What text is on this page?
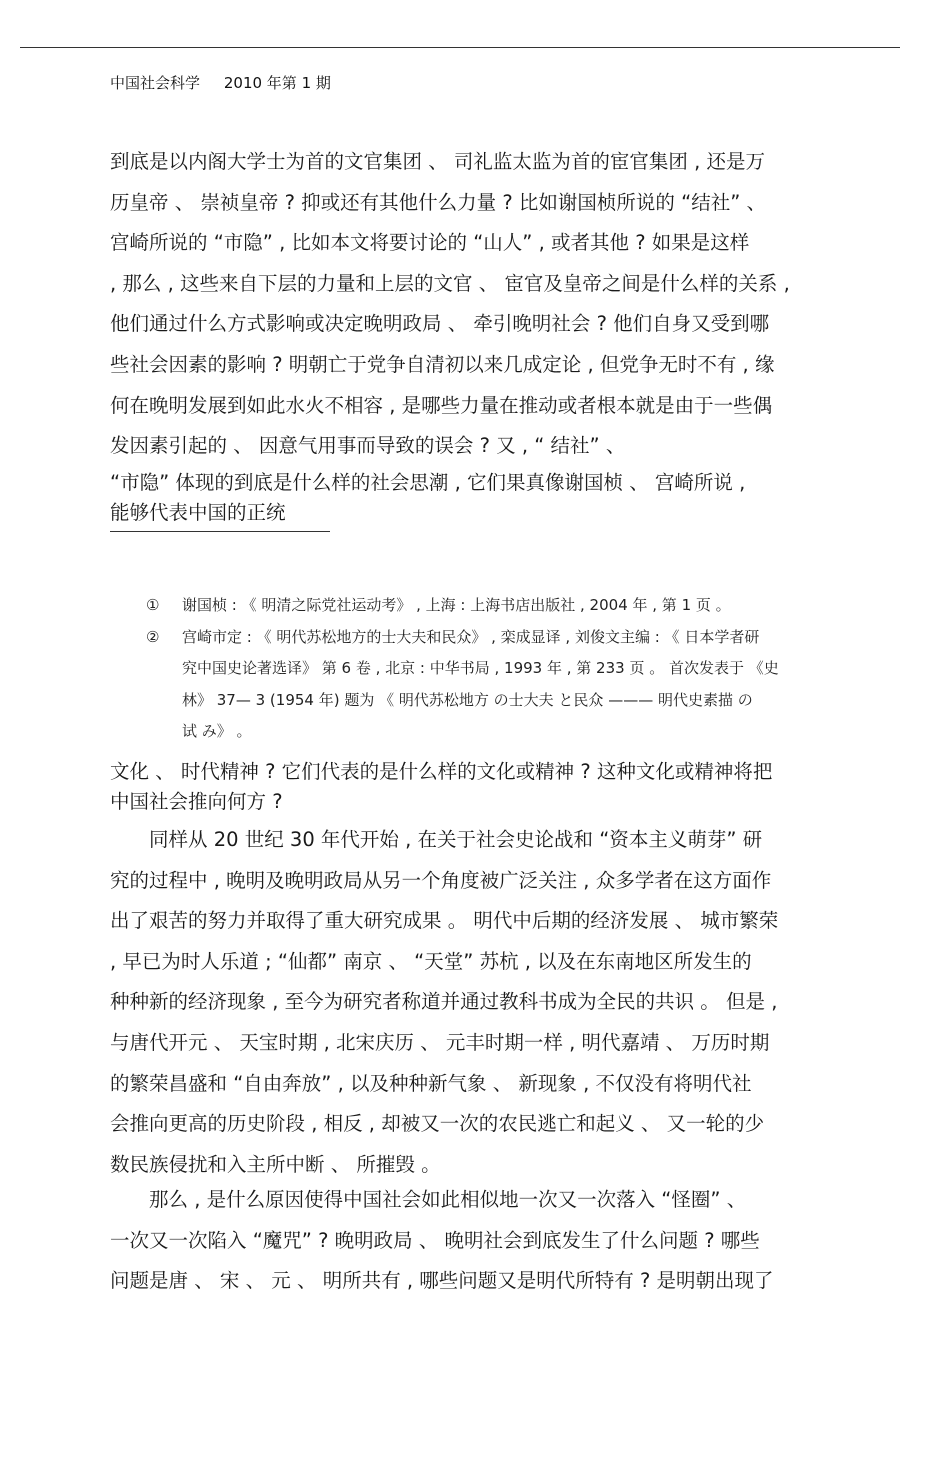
中国社会科学 2010 年第 1 期
到底是以内阁大学士为首的文官集团 、 司礼监太监为首的宦官集团 , 还是万
历皇帝 、 崇祯皇帝 ? 抑或还有其他什么力量 ? 比如谢国桢所说的 “结社” 、
宫崎所说的 “市隐” , 比如本文将要讨论的 “山人” , 或者其他 ? 如果是这样
, 那么 , 这些来自下层的力量和上层的文官 、 宦官及皇帝之间是什么样的关系 ,
他们通过什么方式影响或决定晚明政局 、 牵引晚明社会 ? 他们自身又受到哪
些社会因素的影响 ? 明朝亡于党争自清初以来几成定论 , 但党争无时不有 , 缘
何在晚明发展到如此水火不相容 , 是哪些力量在推动或者根本就是由于一些偶
发因素引起的 、 因意气用事而导致的误会 ? 又 , “ 结社” 、
“市隐” 体现的到底是什么样的社会思潮 , 它们果真像谢国桢 、 宫崎所说 ,
能够代表中国的正统
① 谢国桢 : 《 明清之际党社运动考》 , 上海 : 上海书店出版社 , 2004 年 , 第 1 页 。
② 宫崎市定 : 《 明代苏松地方的士大夫和民众》 , 栾成显译 , 刘俊文主编 : 《 日本学者研
究中国史论著选译》 第 6 卷 , 北京 : 中华书局 , 1993 年 , 第 233 页 。 首次发表于 《史
林》 37— 3 (1954 年) 题为 《 明代苏松地方 の士大夫 と民众 ——— 明代史素描 の
试 み》 。
文化 、 时代精神 ? 它们代表的是什么样的文化或精神 ? 这种文化或精神将把
中国社会推向何方 ?
　　同样从 20 世纪 30 年代开始 , 在关于社会史论战和 “资本主义萌芽” 研
究的过程中 , 晚明及晚明政局从另一个角度被广泛关注 , 众多学者在这方面作
出了艰苦的努力并取得了重大研究成果 。 明代中后期的经济发展 、 城市繁荣
, 早已为时人乐道 ; “仙都” 南京 、 “天堂” 苏杭 , 以及在东南地区所发生的
种种新的经济现象 , 至今为研究者称道并通过教科书成为全民的共识 。 但是 ,
与唐代开元 、 天宝时期 , 北宋庆历 、 元丰时期一样 , 明代嘉靖 、 万历时期
的繁荣昌盛和 “自由奔放” , 以及种种新气象 、 新现象 , 不仅没有将明代社
会推向更高的历史阶段 , 相反 , 却被又一次的农民逃亡和起义 、 又一轮的少
数民族侵扰和入主所中断 、 所摧毁 。
　　那么 , 是什么原因使得中国社会如此相似地一次又一次落入 “怪圈” 、
一次又一次陷入 “魔咒” ? 晚明政局 、 晚明社会到底发生了什么问题 ? 哪些
问题是唐 、 宋 、 元 、 明所共有 , 哪些问题又是明代所特有 ? 是明朝出现了
